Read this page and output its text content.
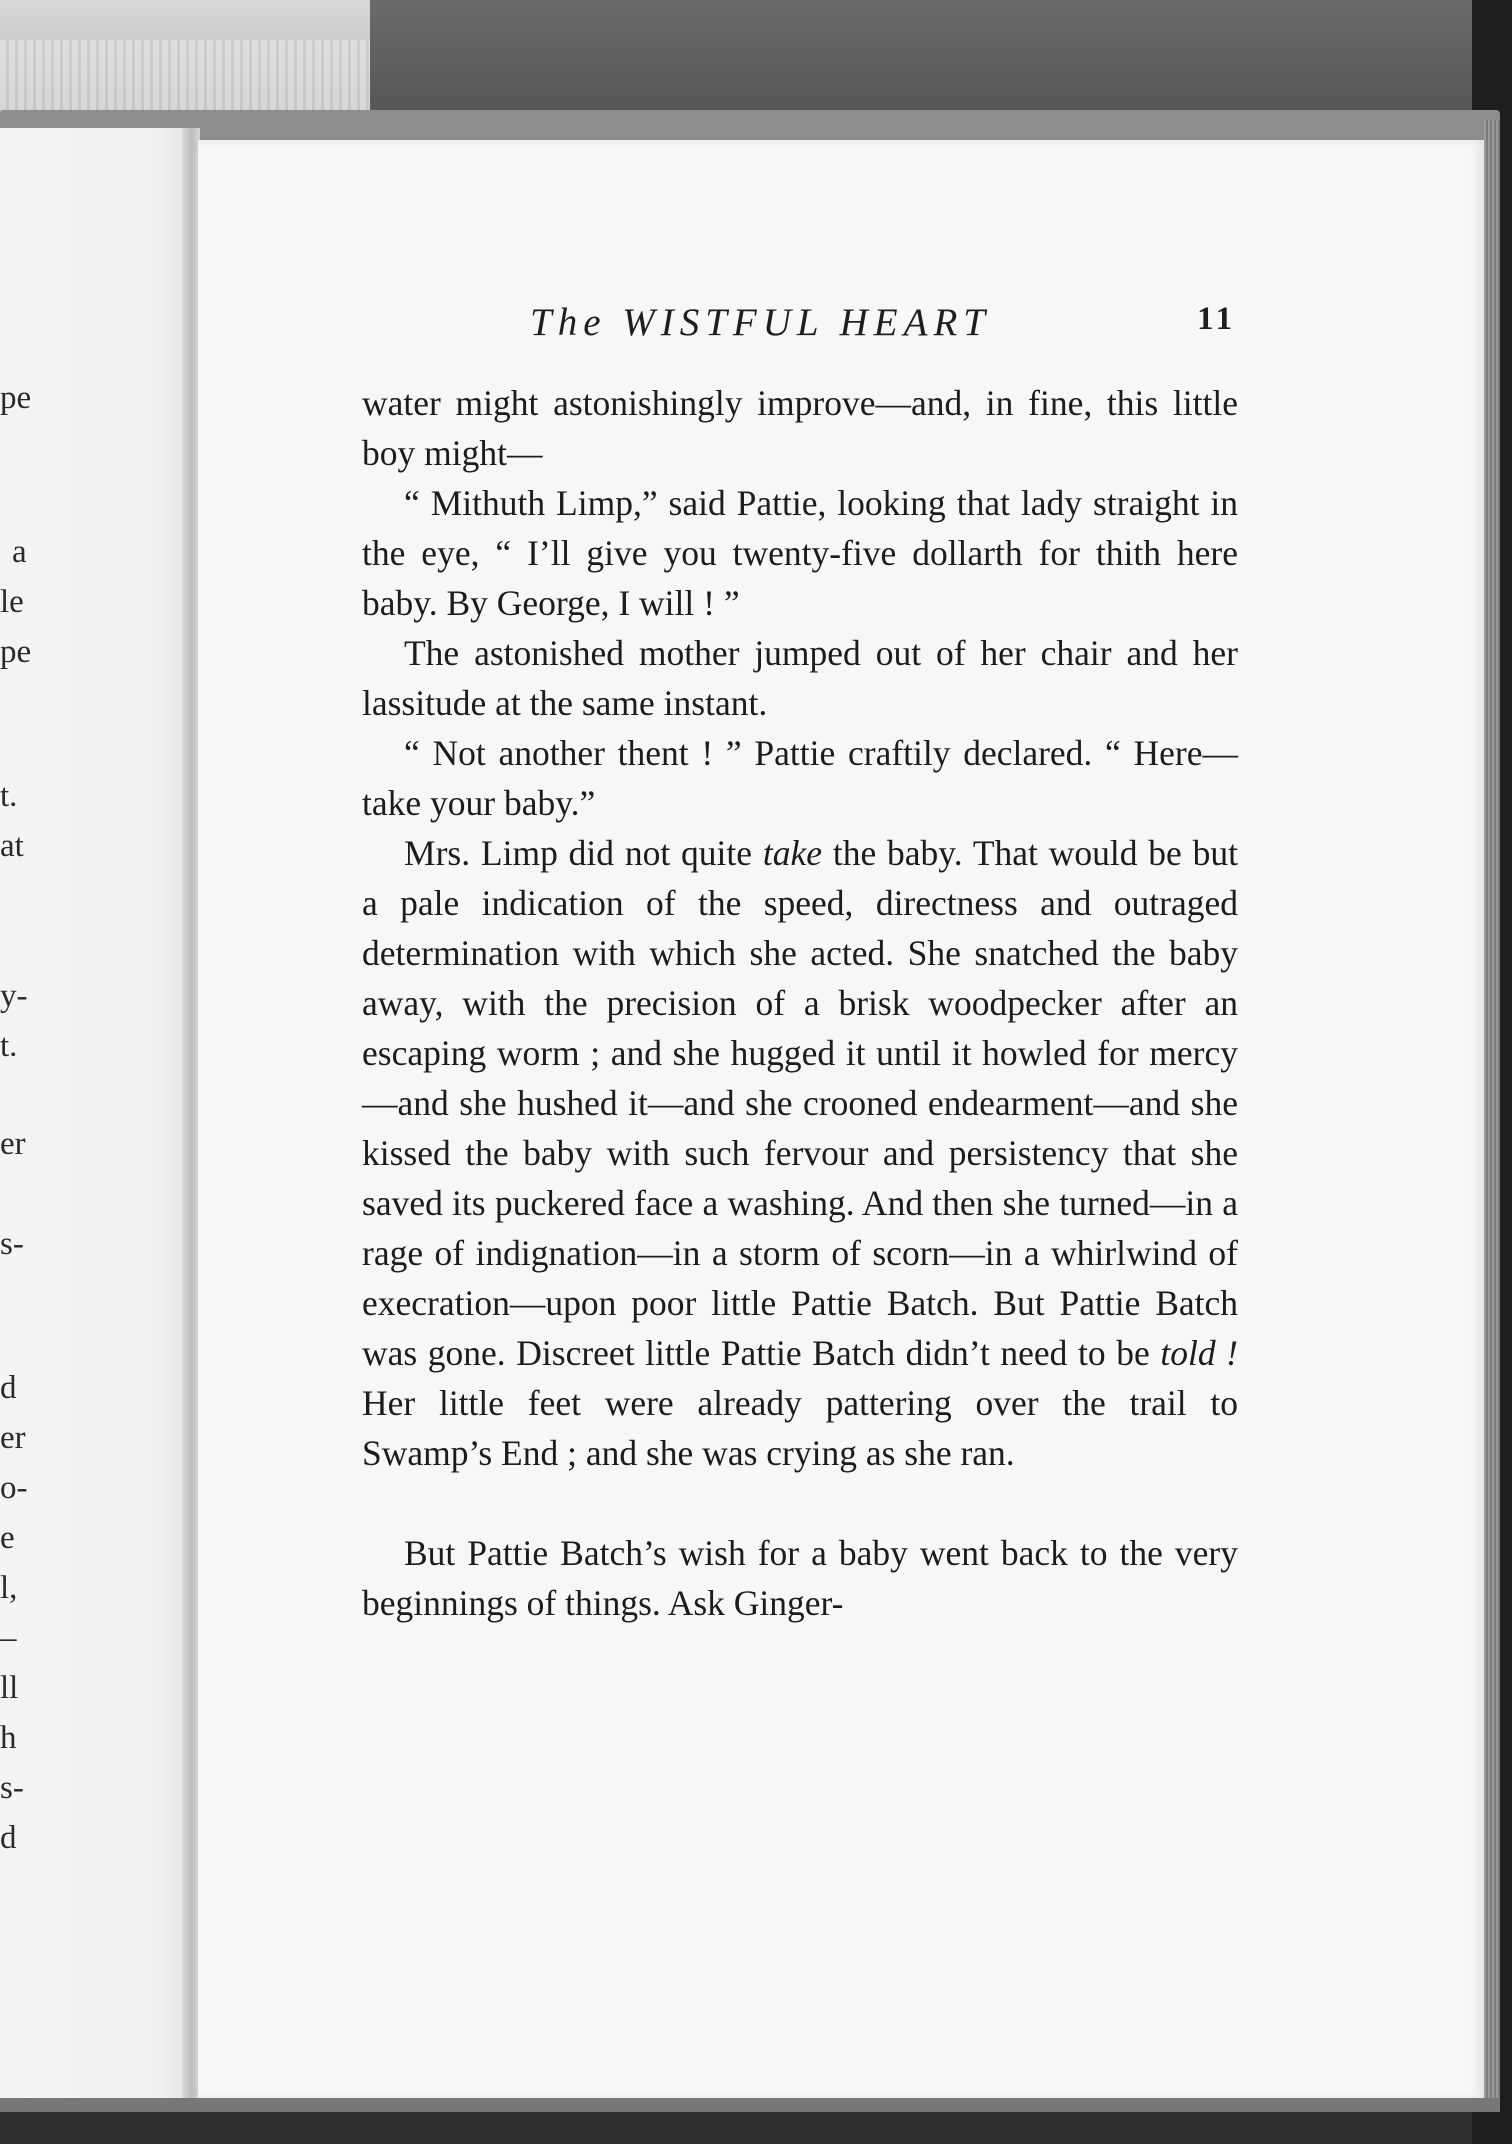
pe
a
le
pe
t.
at
y-
t.
er
s-
d
er
o-
e
l,
–
ll
h
s-
d
The WISTFUL HEART	11

water might astonishingly improve—and, in fine, this little boy might—

“ Mithuth Limp,” said Pattie, looking that lady straight in the eye, “ I’ll give you twenty-five dollarth for thith here baby. By George, I will ! ”

The astonished mother jumped out of her chair and her lassitude at the same instant.

“ Not another thent ! ” Pattie craftily declared. “ Here—take your baby.”

Mrs. Limp did not quite take the baby. That would be but a pale indication of the speed, directness and outraged determination with which she acted. She snatched the baby away, with the precision of a brisk woodpecker after an escaping worm ; and she hugged it until it howled for mercy—and she hushed it—and she crooned endearment—and she kissed the baby with such fervour and persistency that she saved its puckered face a washing. And then she turned—in a rage of indignation—in a storm of scorn—in a whirlwind of execration—upon poor little Pattie Batch. But Pattie Batch was gone. Discreet little Pattie Batch didn’t need to be told ! Her little feet were already pattering over the trail to Swamp’s End ; and she was crying as she ran.

But Pattie Batch’s wish for a baby went back to the very beginnings of things. Ask Ginger-
